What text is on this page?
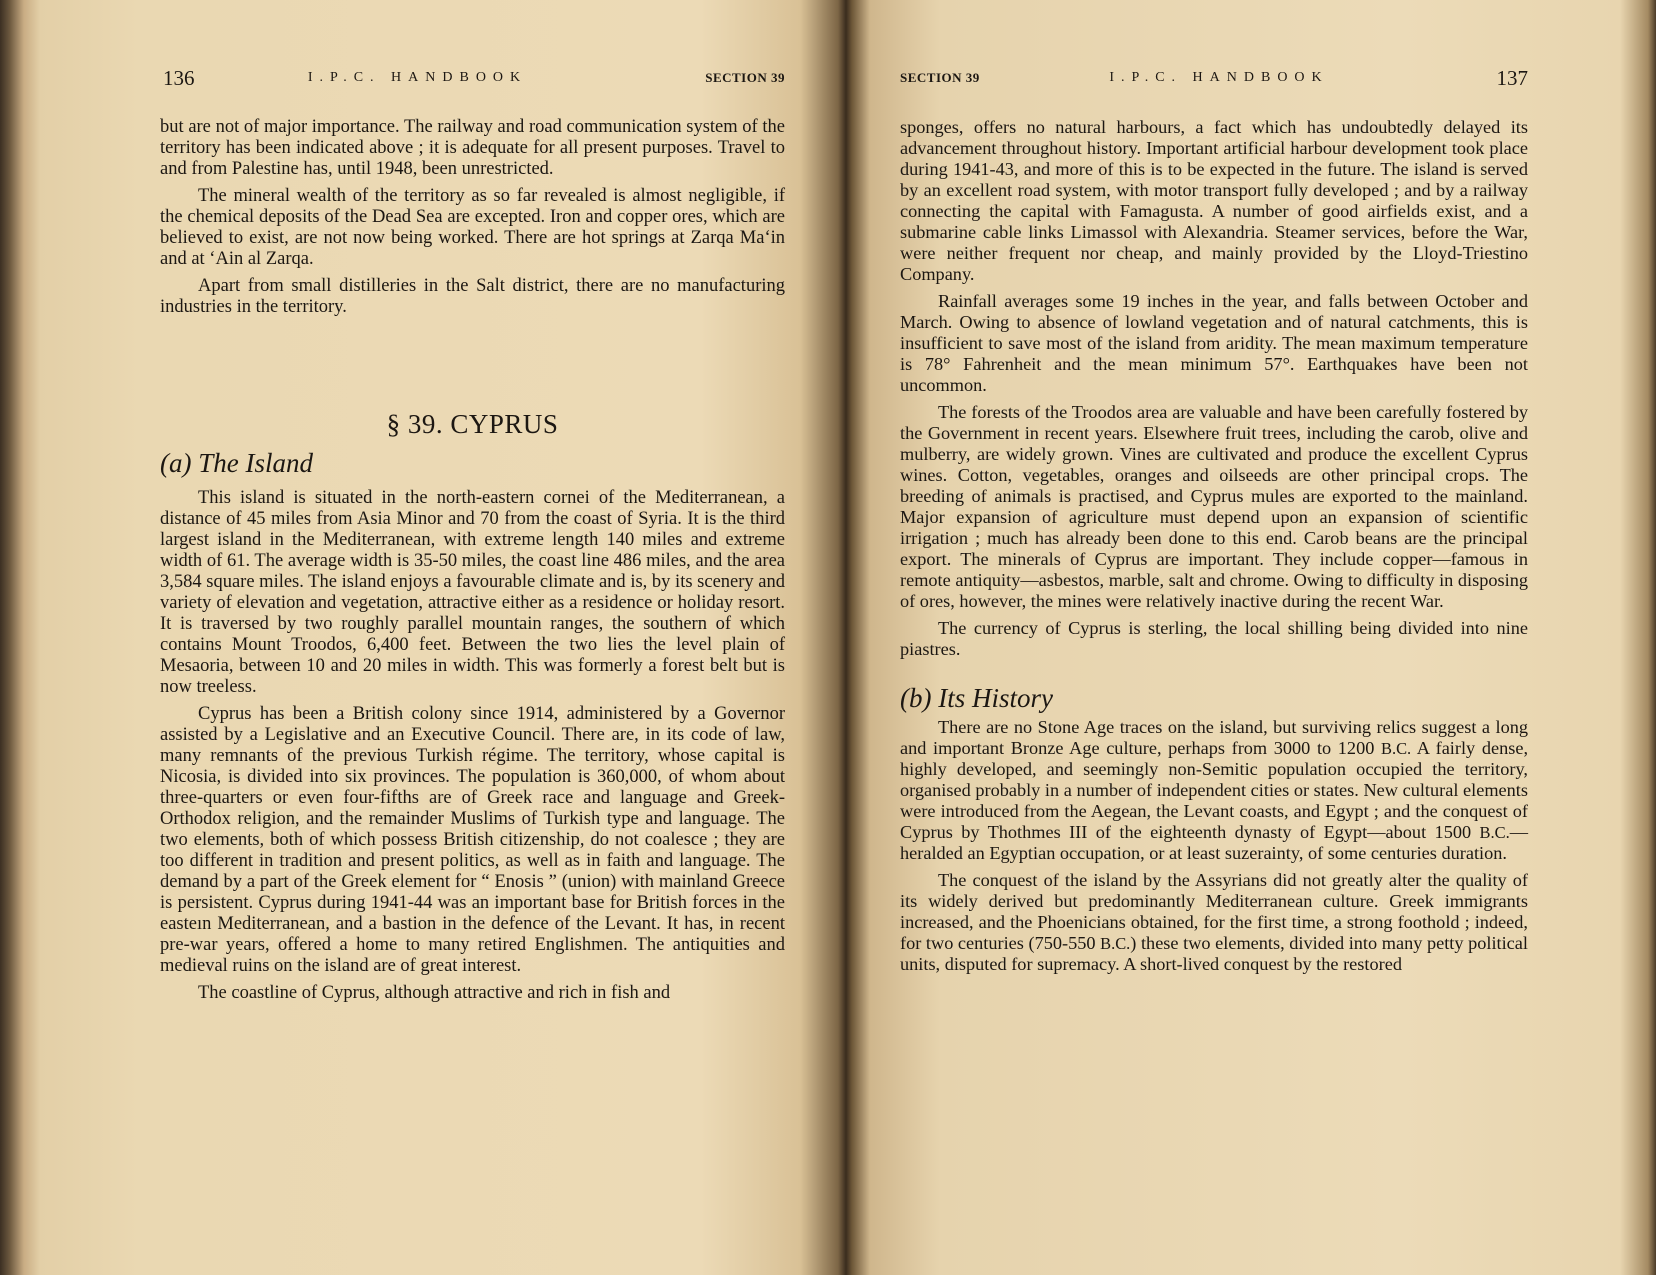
136	I.P.C. HANDBOOK	SECTION 39

but are not of major importance. The railway and road communication system of the territory has been indicated above ; it is adequate for all present purposes. Travel to and from Palestine has, until 1948, been unrestricted.

The mineral wealth of the territory as so far revealed is almost negligible, if the chemical deposits of the Dead Sea are excepted. Iron and copper ores, which are believed to exist, are not now being worked. There are hot springs at Zarqa Ma‘in and at ‘Ain al Zarqa.

Apart from small distilleries in the Salt district, there are no manufacturing industries in the territory.

§ 39. CYPRUS
(a) The Island

This island is situated in the north-eastern cornei of the Mediterranean, a distance of 45 miles from Asia Minor and 70 from the coast of Syria. It is the third largest island in the Mediterranean, with extreme length 140 miles and extreme width of 61. The average width is 35-50 miles, the coast line 486 miles, and the area 3,584 square miles. The island enjoys a favourable climate and is, by its scenery and variety of elevation and vegetation, attractive either as a residence or holiday resort. It is traversed by two roughly parallel mountain ranges, the southern of which contains Mount Troodos, 6,400 feet. Between the two lies the level plain of Mesaoria, between 10 and 20 miles in width. This was formerly a forest belt but is now treeless.

Cyprus has been a British colony since 1914, administered by a Governor assisted by a Legislative and an Executive Council. There are, in its code of law, many remnants of the previous Turkish régime. The territory, whose capital is Nicosia, is divided into six provinces. The population is 360,000, of whom about three-quarters or even four-fifths are of Greek race and language and Greek-Orthodox religion, and the remainder Muslims of Turkish type and language. The two elements, both of which possess British citizenship, do not coalesce ; they are too different in tradition and present politics, as well as in faith and language. The demand by a part of the Greek element for “ Enosis ” (union) with mainland Greece is persistent. Cyprus during 1941-44 was an important base for British forces in the easteın Mediterranean, and a bastion in the defence of the Levant. It has, in recent pre-war years, offered a home to many retired Englishmen. The antiquities and medieval ruins on the island are of great interest.

The coastline of Cyprus, although attractive and rich in fish and

SECTION 39	I.P.C. HANDBOOK	137

sponges, offers no natural harbours, a fact which has undoubtedly delayed its advancement throughout history. Important artificial harbour development took place during 1941-43, and more of this is to be expected in the future. The island is served by an excellent road system, with motor transport fully developed ; and by a railway connecting the capital with Famagusta. A number of good airfields exist, and a submarine cable links Limassol with Alexandria. Steamer services, before the War, were neither frequent nor cheap, and mainly provided by the Lloyd-Triestino Company.

Rainfall averages some 19 inches in the year, and falls between October and March. Owing to absence of lowland vegetation and of natural catchments, this is insufficient to save most of the island from aridity. The mean maximum temperature is 78° Fahrenheit and the mean minimum 57°. Earthquakes have been not uncommon.

The forests of the Troodos area are valuable and have been carefully fostered by the Government in recent years. Elsewhere fruit trees, including the carob, olive and mulberry, are widely grown. Vines are cultivated and produce the excellent Cyprus wines. Cotton, vegetables, oranges and oilseeds are other principal crops. The breeding of animals is practised, and Cyprus mules are exported to the mainland. Major expansion of agriculture must depend upon an expansion of scientific irrigation ; much has already been done to this end. Carob beans are the principal export. The minerals of Cyprus are important. They include copper—famous in remote antiquity—asbestos, marble, salt and chrome. Owing to difficulty in disposing of ores, however, the mines were relatively inactive during the recent War.

The currency of Cyprus is sterling, the local shilling being divided into nine piastres.

(b) Its History

There are no Stone Age traces on the island, but surviving relics suggest a long and important Bronze Age culture, perhaps from 3000 to 1200 B.C. A fairly dense, highly developed, and seemingly non-Semitic population occupied the territory, organised probably in a number of independent cities or states. New cultural elements were introduced from the Aegean, the Levant coasts, and Egypt ; and the conquest of Cyprus by Thothmes III of the eighteenth dynasty of Egypt—about 1500 B.C.—heralded an Egyptian occupation, or at least suzerainty, of some centuries duration.

The conquest of the island by the Assyrians did not greatly alter the quality of its widely derived but predominantly Mediterranean culture. Greek immigrants increased, and the Phoenicians obtained, for the first time, a strong foothold ; indeed, for two centuries (750-550 B.C.) these two elements, divided into many petty political units, disputed for supremacy. A short-lived conquest by the restored
